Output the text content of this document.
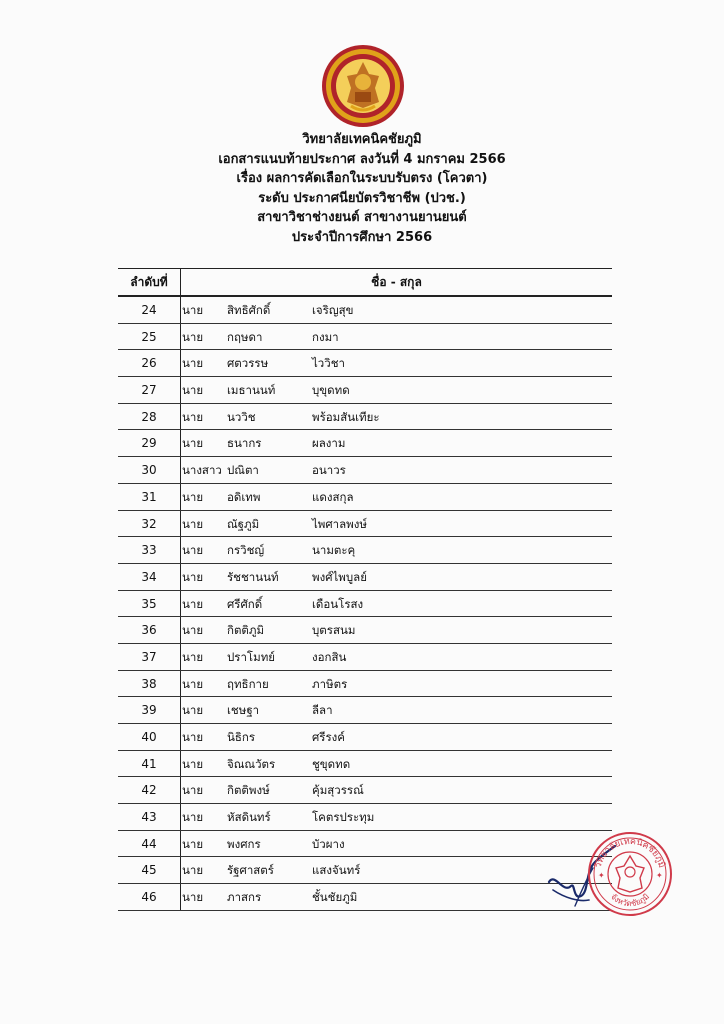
วิทยาลัยเทคนิคชัยภูมิ
เอกสารแนบท้ายประกาศ ลงวันที่ 4 มกราคม 2566
เรื่อง ผลการคัดเลือกในระบบรับตรง (โควตา)
ระดับ ประกาศนียบัตรวิชาชีพ (ปวช.)
สาขาวิชาช่างยนต์ สาขางานยานยนต์
ประจำปีการศึกษา 2566
ลำดับที่	ชื่อ - สกุล
24	นาย สิทธิศักดิ์	เจริญสุข
25	นาย กฤษดา	กงมา
26	นาย ศตวรรษ	ไววิชา
27	นาย เมธานนท์	บุขุดทด
28	นาย นววิช	พร้อมสันเทียะ
29	นาย ธนากร	ผลงาม
30	นางสาว ปณิตา	อนาวร
31	นาย อดิเทพ	แดงสกุล
32	นาย ณัฐภูมิ	ไพศาลพงษ์
33	นาย กรวิชญ์	นามตะคุ
34	นาย รัชชานนท์	พงศ์ไพบูลย์
35	นาย ศรีศักดิ์	เดือนโรสง
36	นาย กิตติภูมิ	บุตรสนม
37	นาย ปราโมทย์	งอกสิน
38	นาย ฤทธิกาย	ภาษิตร
39	นาย เชษฐา	ลีลา
40	นาย นิธิกร	ศรีรงค์
41	นาย จิณณวัตร	ชูขุดทด
42	นาย กิตติพงษ์	คุ้มสุวรรณ์
43	นาย หัสดินทร์	โคตรประทุม
44	นาย พงศกร	บัวผาง
45	นาย รัฐศาสตร์	แสงจันทร์
46	นาย ภาสกร	ชั้นชัยภูมิ
วิทยาลัยเทคนิคชัยภูมิ
จังหวัดชัยภูมิ
✦	✦
